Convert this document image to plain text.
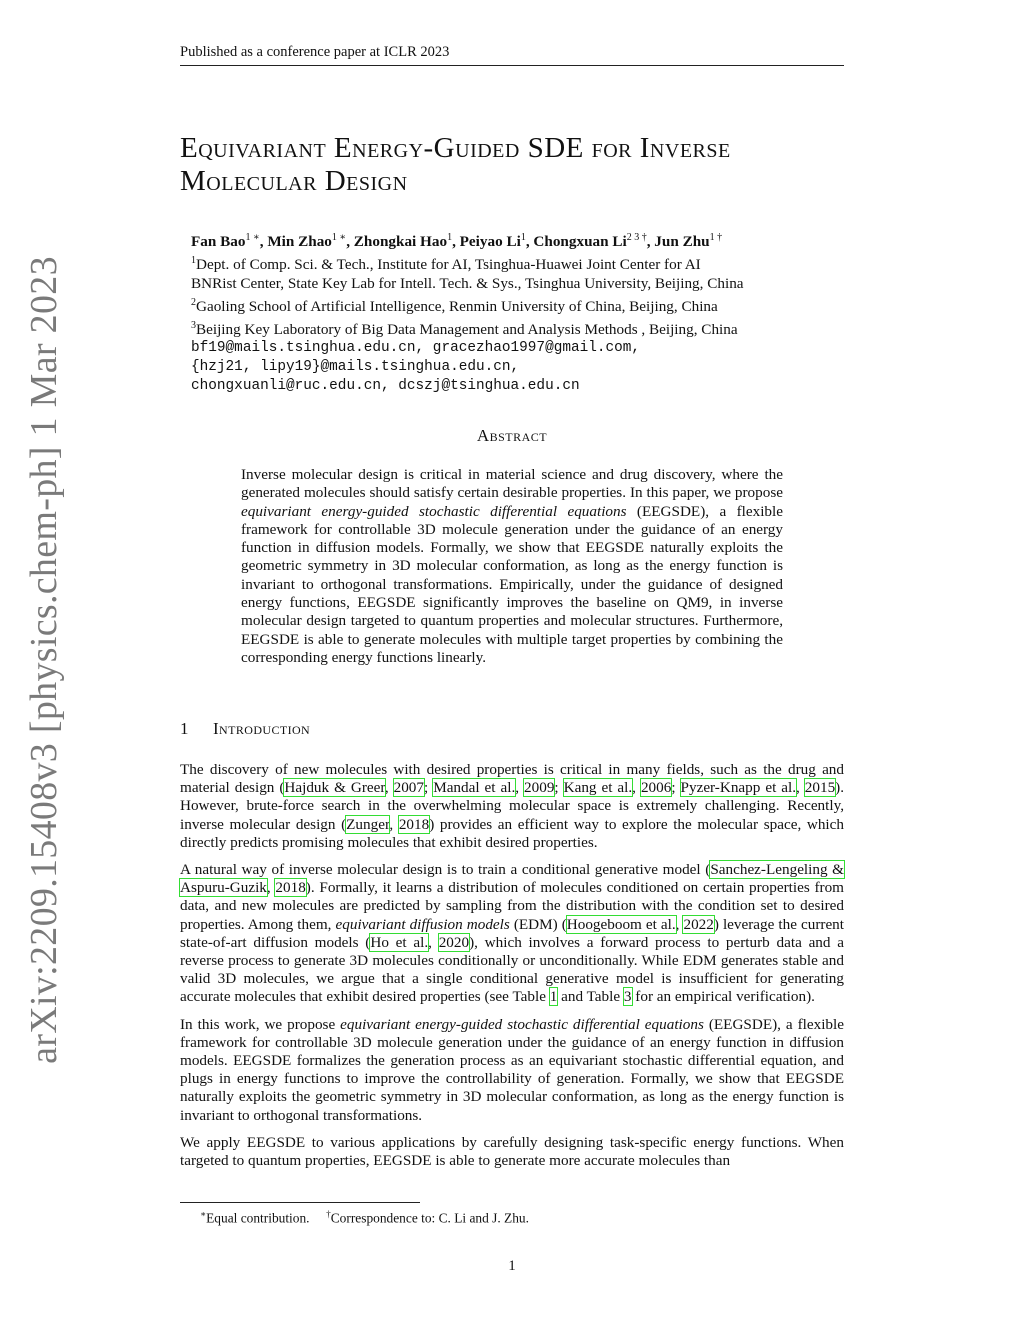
Published as a conference paper at ICLR 2023
arXiv:2209.15408v3 [physics.chem-ph] 1 Mar 2023
Equivariant Energy-Guided SDE for Inverse Molecular Design
Fan Bao$^{1 ∗}$, Min Zhao$^{1 ∗}$, Zhongkai Hao$^1$, Peiyao Li$^1$, Chongxuan $Li^{2 3 \dagger}$, Jun Zhu$^{1 \dagger}$
$^1$Dept. of Comp. Sci. & Tech., Institute for AI, Tsinghua-Huawei Joint Center for AI
BNRist Center, State Key Lab for Intell. Tech. & Sys., Tsinghua University, Beijing, China
$^2$Gaoling School of Artificial Intelligence, Renmin University of China, Beijing, China
$^3$Beijing Key Laboratory of Big Data Management and Analysis Methods , Beijing, China
bf19@mails.tsinghua.edu.cn, gracezhao1997@gmail.com,
{hzj21, lipy19}@mails.tsinghua.edu.cn,
chongxuanli@ruc.edu.cn, dcszj@tsinghua.edu.cn
Abstract
Inverse molecular design is critical in material science and drug discovery, where the generated molecules should satisfy certain desirable properties. In this paper, we propose equivariant energy-guided stochastic differential equations (EEGSDE), a flexible framework for controllable 3D molecule generation under the guidance of an energy function in diffusion models. Formally, we show that EEGSDE naturally exploits the geometric symmetry in 3D molecular conformation, as long as the energy function is invariant to orthogonal transformations. Empirically, under the guidance of designed energy functions, EEGSDE significantly improves the baseline on QM9, in inverse molecular design targeted to quantum properties and molecular structures. Furthermore, EEGSDE is able to generate molecules with multiple target properties by combining the corresponding energy functions linearly.
1 Introduction

The discovery of new molecules with desired properties is critical in many fields, such as the drug and material design (Hajduk & Greer, 2007; Mandal et al., 2009; Kang et al., 2006; Pyzer-Knapp et al., 2015). However, brute-force search in the overwhelming molecular space is extremely challenging. Recently, inverse molecular design (Zunger, 2018) provides an efficient way to explore the molecular space, which directly predicts promising molecules that exhibit desired properties.

A natural way of inverse molecular design is to train a conditional generative model (Sanchez-Lengeling & Aspuru-Guzik, 2018). Formally, it learns a distribution of molecules conditioned on certain properties from data, and new molecules are predicted by sampling from the distribution with the condition set to desired properties. Among them, equivariant diffusion models (EDM) (Hoogeboom et al., 2022) leverage the current state-of-art diffusion models (Ho et al., 2020), which involves a forward process to perturb data and a reverse process to generate 3D molecules conditionally or unconditionally. While EDM generates stable and valid 3D molecules, we argue that a single conditional generative model is insufficient for generating accurate molecules that exhibit desired properties (see Table 1 and Table 3 for an empirical verification).

In this work, we propose equivariant energy-guided stochastic differential equations (EEGSDE), a flexible framework for controllable 3D molecule generation under the guidance of an energy function in diffusion models. EEGSDE formalizes the generation process as an equivariant stochastic differential equation, and plugs in energy functions to improve the controllability of generation. Formally, we show that EEGSDE naturally exploits the geometric symmetry in 3D molecular conformation, as long as the energy function is invariant to orthogonal transformations.

We apply EEGSDE to various applications by carefully designing task-specific energy functions. When targeted to quantum properties, EEGSDE is able to generate more accurate molecules than

∗Equal contribution.     †Correspondence to: C. Li and J. Zhu.
1
